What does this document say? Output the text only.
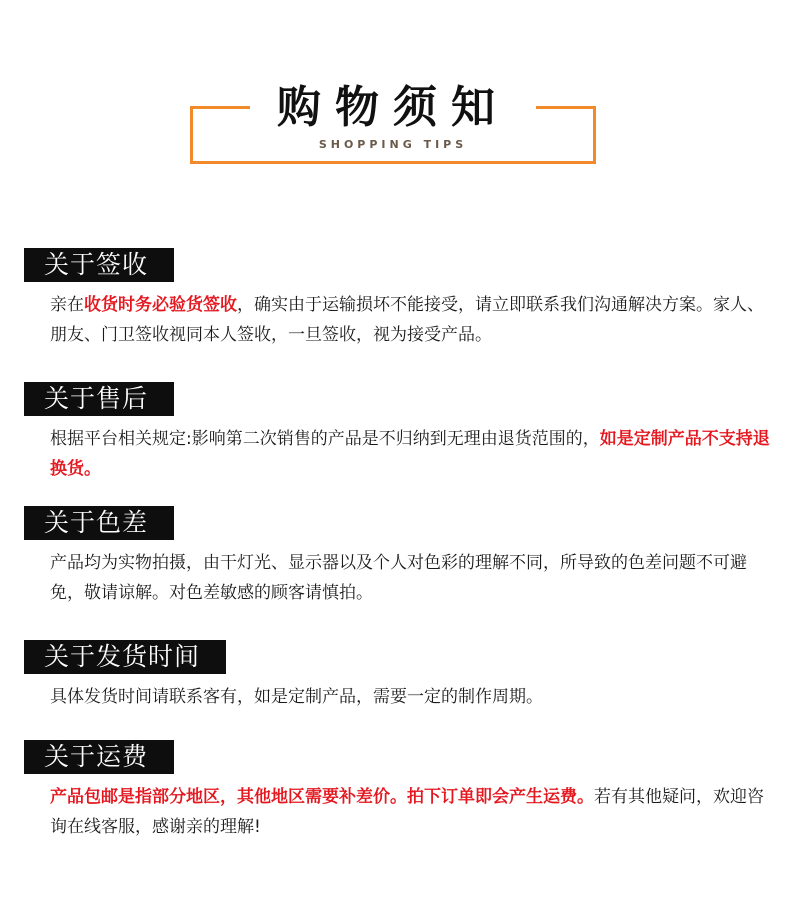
购物须知
SHOPPING TIPS
关于签收
亲在收货时务必验货签收，确实由于运输损坏不能接受，请立即联系我们沟通解决方案。家人、朋友、门卫签收视同本人签收，一旦签收，视为接受产品。
关于售后
根据平台相关规定:影响第二次销售的产品是不归纳到无理由退货范围的，如是定制产品不支持退换货。
关于色差
产品均为实物拍摄，由干灯光、显示器以及个人对色彩的理解不同，所导致的色差问题不可避免，敬请谅解。对色差敏感的顾客请慎拍。
关于发货时间
具体发货时间请联系客有，如是定制产品，需要一定的制作周期。
关于运费
产品包邮是指部分地区，其他地区需要补差价。拍下订单即会产生运费。若有其他疑问，欢迎咨询在线客服，感谢亲的理解!
